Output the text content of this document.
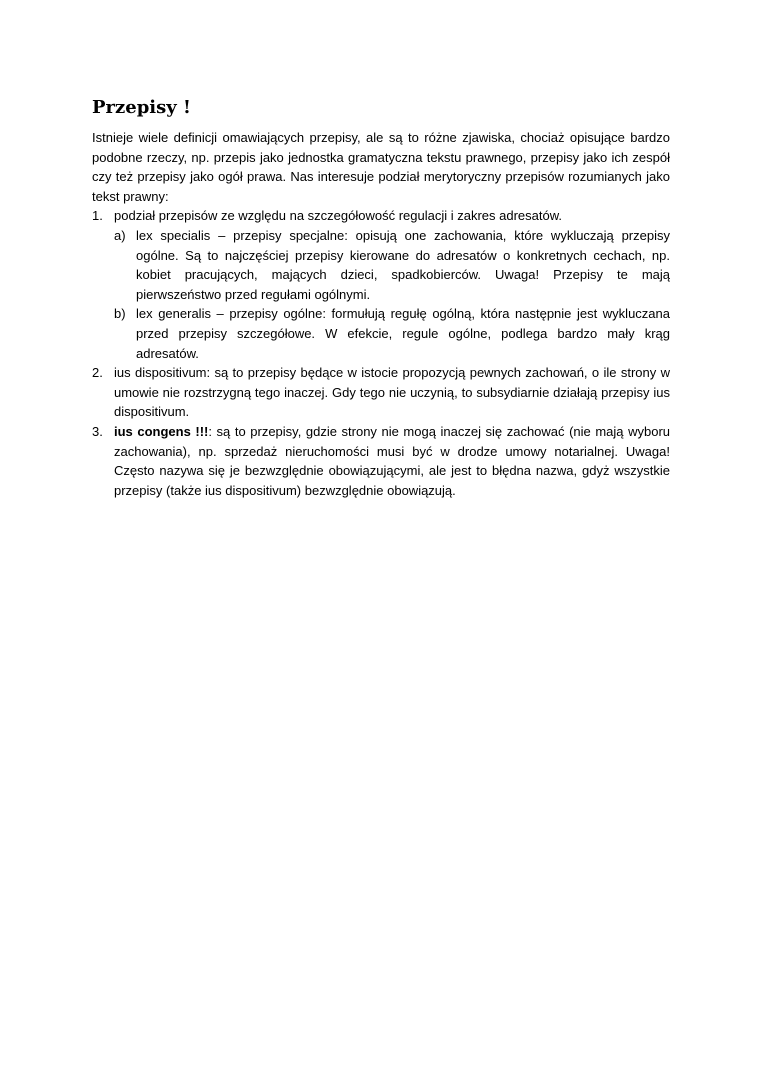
Przepisy !

Istnieje wiele definicji omawiających przepisy, ale są to różne zjawiska, chociaż opisujące bardzo podobne rzeczy, np. przepis jako jednostka gramatyczna tekstu prawnego, przepisy jako ich zespół czy też przepisy jako ogół prawa. Nas interesuje podział merytoryczny przepisów rozumianych jako tekst prawny:

1. podział przepisów ze względu na szczegółowość regulacji i zakres adresatów.
a) lex specialis – przepisy specjalne: opisują one zachowania, które wykluczają przepisy ogólne. Są to najczęściej przepisy kierowane do adresatów o konkretnych cechach, np. kobiet pracujących, mających dzieci, spadkobierców. Uwaga! Przepisy te mają pierwszeństwo przed regułami ogólnymi.
b) lex generalis – przepisy ogólne: formułują regułę ogólną, która następnie jest wykluczana przed przepisy szczegółowe. W efekcie, regule ogólne, podlega bardzo mały krąg adresatów.
2. ius dispositivum: są to przepisy będące w istocie propozycją pewnych zachowań, o ile strony w umowie nie rozstrzygną tego inaczej. Gdy tego nie uczynią, to subsydiarnie działają przepisy ius dispositivum.
3. ius congens !!!: są to przepisy, gdzie strony nie mogą inaczej się zachować (nie mają wyboru zachowania), np. sprzedaż nieruchomości musi być w drodze umowy notarialnej. Uwaga! Często nazywa się je bezwzględnie obowiązującymi, ale jest to błędna nazwa, gdyż wszystkie przepisy (także ius dispositivum) bezwzględnie obowiązują.
